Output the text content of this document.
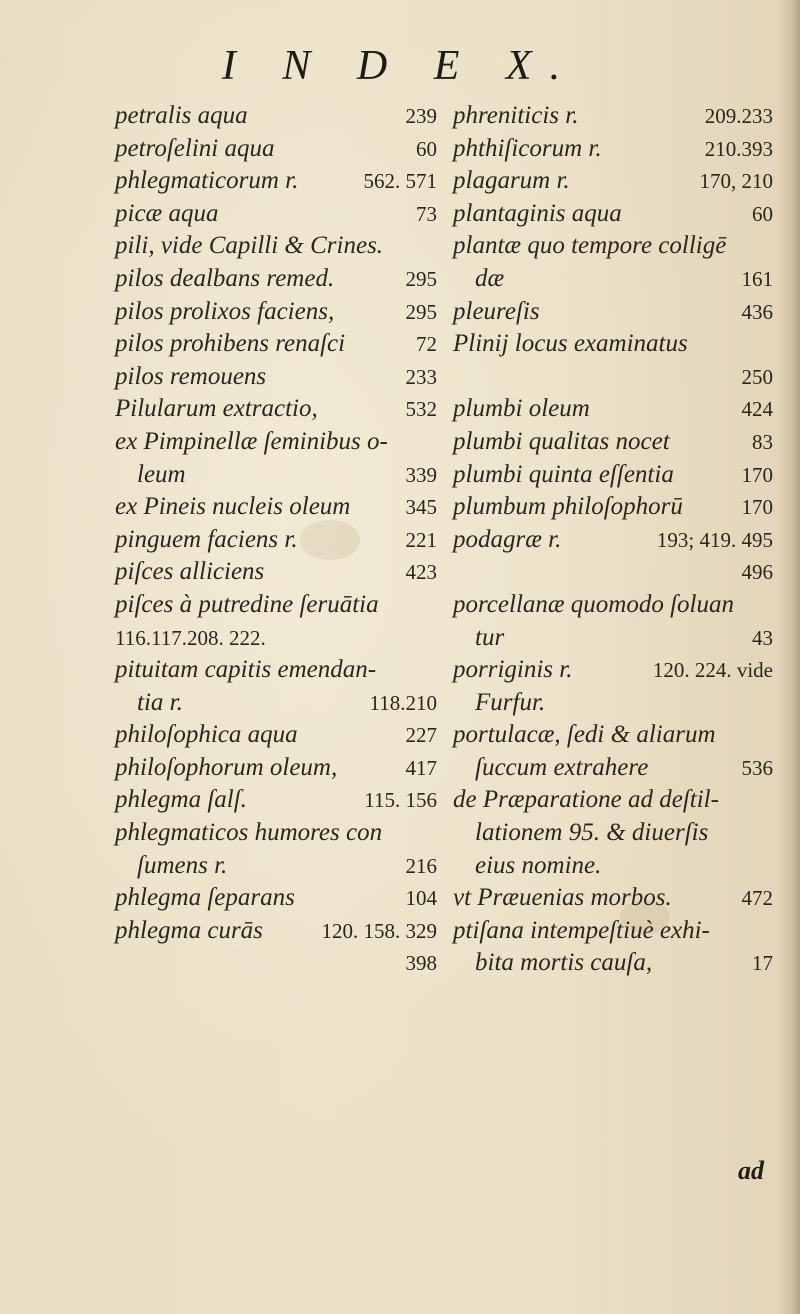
I N D E X.
petralis aqua	239
petroſelini aqua	60
phlegmaticorum r.	562. 571
picæ aqua	73
pili, vide Capilli & Crines.
pilos dealbans remed.	295
pilos prolixos faciens,	295
pilos prohibens renaſci	72
pilos remouens	233
Pilularum extractio,	532
ex Pimpinellæ ſeminibus o-
leum	339
ex Pineis nucleis oleum	345
pinguem faciens r.	221
piſces alliciens	423
piſces à putredine ſeruātia
116.117.208. 222.
pituitam capitis emendan-
tia r.	118.210
philoſophica aqua	227
philoſophorum oleum,	417
phlegma ſalſ.	115. 156
phlegmaticos humores con
ſumens r.	216
phlegma ſeparans	104
phlegma curās	120. 158. 329
398
phreniticis r.	209.233
phthiſicorum r.	210.393
plagarum r.	170, 210
plantaginis aqua	60
plantæ quo tempore colligē
dæ	161
pleureſis	436
Plinij locus examinatus
250
plumbi oleum	424
plumbi qualitas nocet	83
plumbi quinta eſſentia	170
plumbum philoſophorū	170
podagræ r.	193; 419. 495
496
porcellanæ quomodo ſoluan
tur	43
porriginis r.	120. 224. vide
Furfur.
portulacæ, ſedi & aliarum
ſuccum extrahere	536
de Præparatione ad deſtil-
lationem 95. & diuerſis
eius nomine.
vt Præuenias morbos.	472
ptiſana intempeſtiuè exhi-
bita mortis cauſa,	17
ad
